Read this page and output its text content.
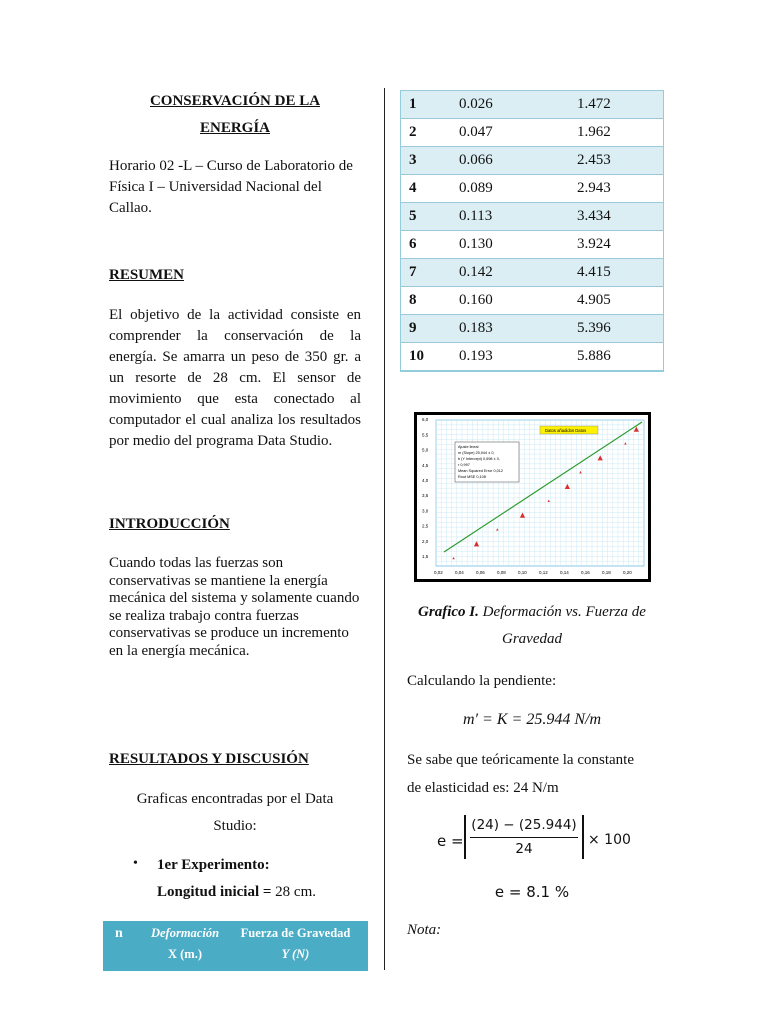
CONSERVACIÓN DE LA
ENERGÍA
Horario 02 -L – Curso de Laboratorio de Física I – Universidad Nacional del Callao.
RESUMEN
El objetivo de la actividad consiste en comprender la conservación de la energía. Se amarra un peso de 350 gr. a un resorte de 28 cm. El sensor de movimiento que esta conectado al computador el cual analiza los resultados por medio del programa Data Studio.
INTRODUCCIÓN
Cuando todas las fuerzas son conservativas se mantiene la energía mecánica del sistema y solamente cuando se realiza trabajo contra fuerzas conservativas se produce un incremento en la energía mecánica.
RESULTADOS Y DISCUSIÓN
Graficas encontradas por el Data
Studio:
• 1er Experimento:
Longitud inicial = 28 cm.
n	Deformación
X (m.)
Fuerza de Gravedad
Y (N)
1	0.026	1.472
2	0.047	1.962
3	0.066	2.453
4	0.089	2.943
5	0.113	3.434
6	0.130	3.924
7	0.142	4.415
8	0.160	4.905
9	0.183	5.396
10	0.193	5.886
1,5
2,0
2,5
3,0
3,5
4,0
4,5
5,0
5,5
6,0
0,02	0,04	0,06	0,08	0,10	0,12	0,14	0,16	0,18	0,20
Datos añadidos Datos
Ajuste lineal
m (Slope) 25,944 ± 0,
b (Y Intercept) 0,698 ± 0,
r 0,997
Mean Squared Error 0,012
Root MSE 0,108
Grafico I. Deformación vs. Fuerza de
Gravedad
Calculando la pendiente:
m′ = K = 25.944 N/m
Se sabe que teóricamente la constante
de elasticidad es: 24 N/m
e =
(24) − (25.944)
24
× 100
e = 8.1 %
Nota:
